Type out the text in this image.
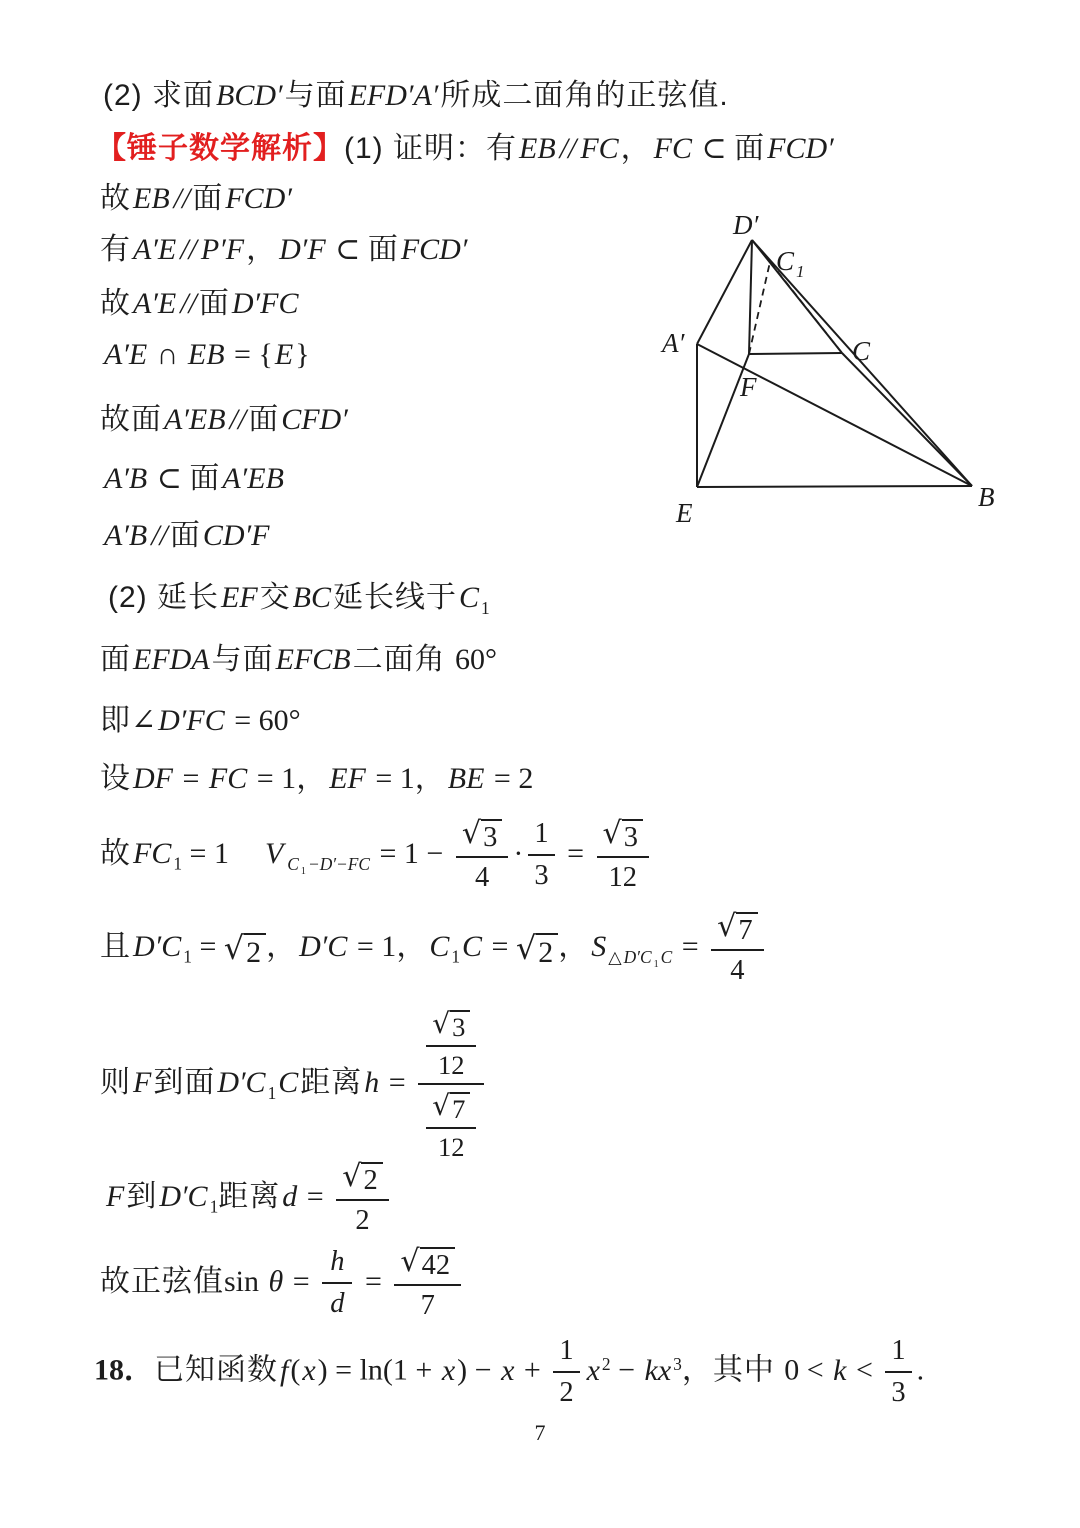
(2) 求面BCD′与面EFD′A′所成二面角的正弦值.
【锤子数学解析】(1) 证明：有EB // FC，FC ⊂ 面FCD′
故EB //面FCD′
有A′E // P′F，D′F ⊂ 面FCD′
故A′E //面D′FC
A′E ∩ EB = {E}
故面A′EB //面CFD′
A′B ⊂ 面A′EB
A′B //面CD′F
(2) 延长EF交BC延长线于C $_1$
面EFDA与面EFCB二面角 60°
即∠D′FC = 60°
设DF = FC = 1，EF = 1，BE = 2
故FC $_1$ = 1 V $_{C _1 -D'-FC} = 1 - \frac{√ 3}{4} \cdot \frac{1}{3} = \frac{√ 3}{12}$
且D′C $_1$ = √ 2 ，D′C = 1，C $_1$C = √ 2 ，S $_{\triangle D'C _1 C} = \frac{√ 7}{4}$
则F到面D′C $_1$C距离$h = \frac{\frac{√ 3}{12}}{\frac{√ 7}{12}}$
F到D′C $_1$距离$d = \frac{√ 2}{2}$
故正弦值$\sin \theta = \frac{h}{d} = \frac{√ 42}{7}$
18．已知函数$f(x) = \ln(1 + x) - x + \frac{1}{2}$ x $^2$ − kx $^3$，其中 $0 < k < \frac{1}{3}$ .
D′
C $_1$
A′	C
F
E
B
7
